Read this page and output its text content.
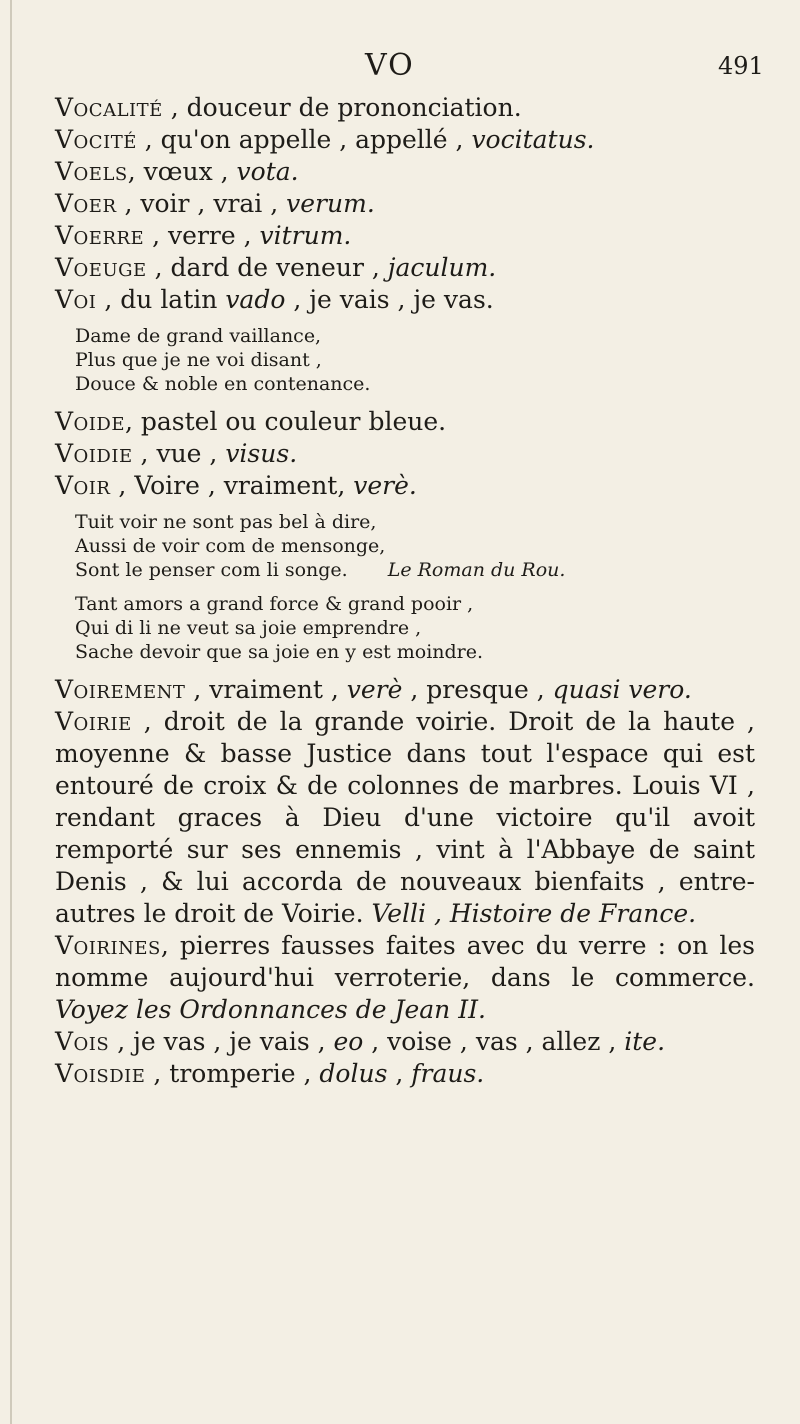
VO	491

Vocalité , douceur de prononciation.

Vocité , qu'on appelle , appellé , vocitatus.

Voels, vœux , vota.

Voer , voir , vrai , verum.

Voerre , verre , vitrum.

Voeuge , dard de veneur , jaculum.

Voi , du latin vado , je vais , je vas.

Dame de grand vaillance,
Plus que je ne voi disant ,
Douce & noble en contenance.

Voide, pastel ou couleur bleue.

Voidie , vue , visus.

Voir , Voire , vraiment, verè.

Tuit voir ne sont pas bel à dire,
Aussi de voir com de mensonge,
Sont le penser com li songe. Le Roman du Rou.
Tant amors a grand force & grand pooir ,
Qui di li ne veut sa joie emprendre ,
Sache devoir que sa joie en y est moindre.

Voirement , vraiment , verè , presque , quasi vero.

Voirie , droit de la grande voirie. Droit de la haute , moyenne & basse Justice dans tout l'espace qui est entouré de croix & de colonnes de marbres. Louis VI , rendant graces à Dieu d'une victoire qu'il avoit remporté sur ses ennemis , vint à l'Abbaye de saint Denis , & lui accorda de nouveaux bienfaits , entre-autres le droit de Voirie. Velli , Histoire de France.

Voirines, pierres fausses faites avec du verre : on les nomme aujourd'hui verroterie, dans le commerce. Voyez les Ordonnances de Jean II.

Vois , je vas , je vais , eo , voise , vas , allez , ite.

Voisdie , tromperie , dolus , fraus.
